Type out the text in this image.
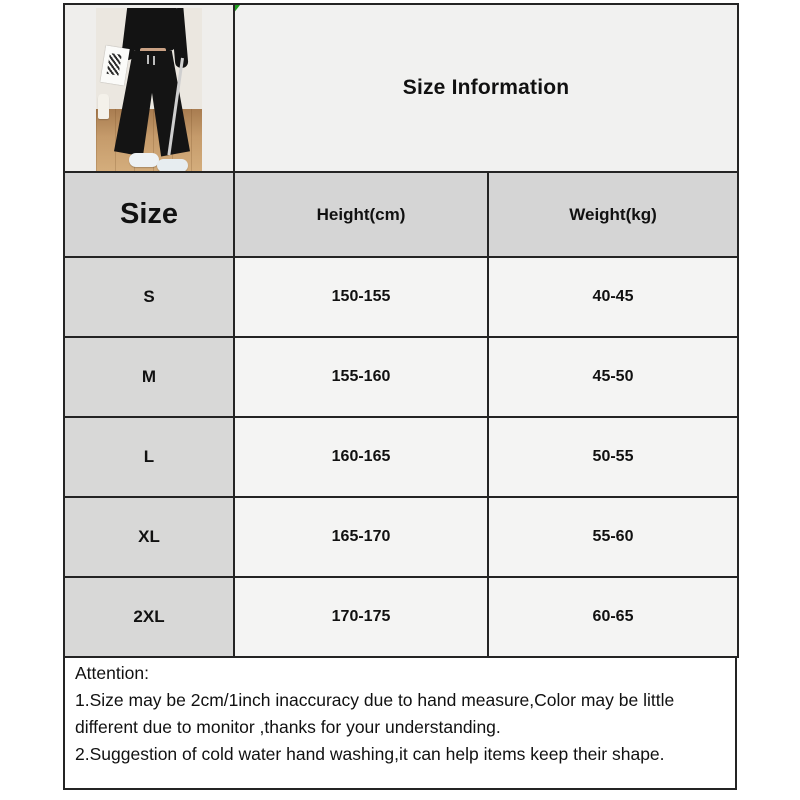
Size Information	
Size	Height(cm)	Weight(kg)
S	150-155	40-45
M	155-160	45-50
L	160-165	50-55
XL	165-170	55-60
2XL	170-175	60-65

Attention:

1.Size may be 2cm/1inch inaccuracy due to hand measure,Color may be little different due to monitor ,thanks for your understanding.

2.Suggestion of cold water hand washing,it can help items keep their shape.
